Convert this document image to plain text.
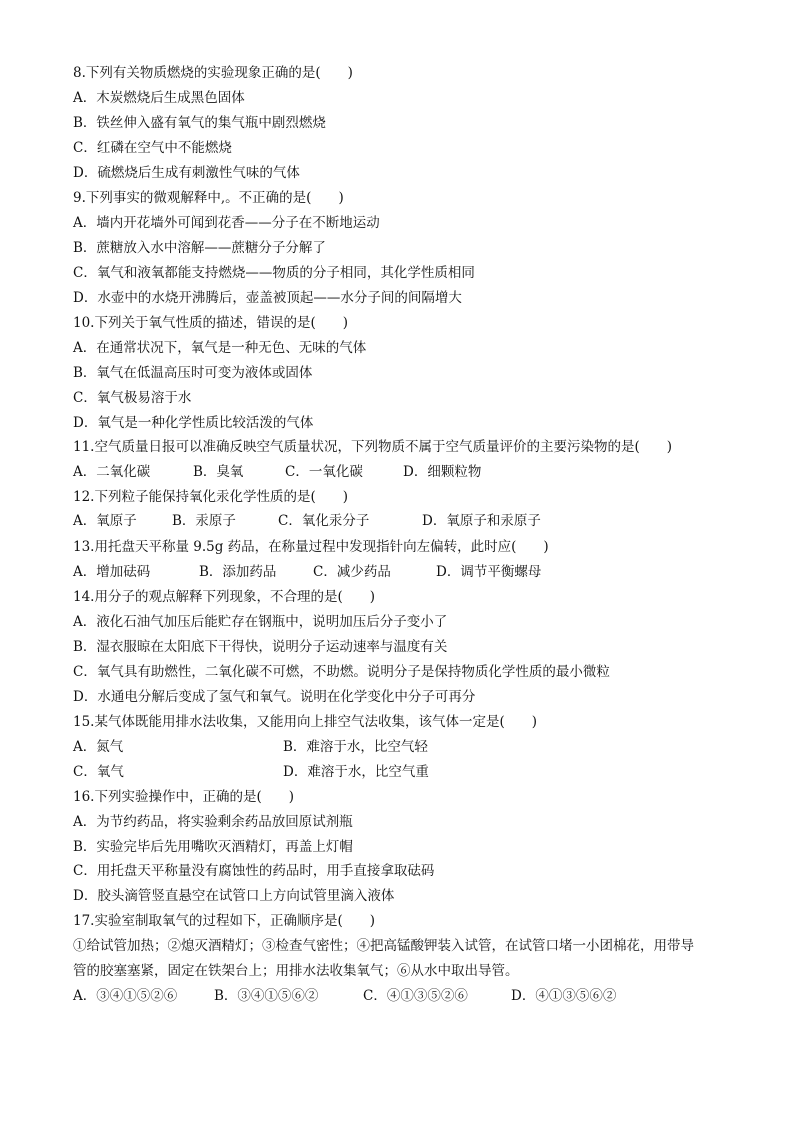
8.下列有关物质燃烧的实验现象正确的是(　　)
A．木炭燃烧后生成黑色固体
B．铁丝伸入盛有氧气的集气瓶中剧烈燃烧
C．红磷在空气中不能燃烧
D．硫燃烧后生成有刺激性气味的气体
9.下列事实的微观解释中,。不正确的是(　　)
A．墙内开花墙外可闻到花香——分子在不断地运动
B．蔗糖放入水中溶解——蔗糖分子分解了
C．氧气和液氧都能支持燃烧——物质的分子相同，其化学性质相同
D．水壶中的水烧开沸腾后，壶盖被顶起——水分子间的间隔增大
10.下列关于氧气性质的描述，错误的是(　　)
A．在通常状况下，氧气是一种无色、无味的气体
B．氧气在低温高压时可变为液体或固体
C．氧气极易溶于水
D．氧气是一种化学性质比较活泼的气体
11.空气质量日报可以准确反映空气质量状况，下列物质不属于空气质量评价的主要污染物的是(　　)
A．二氧化碳	B．臭氧	C．一氧化碳	D．细颗粒物
12.下列粒子能保持氧化汞化学性质的是(　　)
A．氧原子	B．汞原子	C．氧化汞分子	D．氧原子和汞原子
13.用托盘天平称量 9.5g 药品，在称量过程中发现指针向左偏转，此时应(　　)
A．增加砝码	B．添加药品	C．减少药品	D．调节平衡螺母
14.用分子的观点解释下列现象，不合理的是(　　)
A．液化石油气加压后能贮存在钢瓶中，说明加压后分子变小了
B．湿衣服晾在太阳底下干得快，说明分子运动速率与温度有关
C．氧气具有助燃性，二氧化碳不可燃，不助燃。说明分子是保持物质化学性质的最小微粒
D．水通电分解后变成了氢气和氧气。说明在化学变化中分子可再分
15.某气体既能用排水法收集，又能用向上排空气法收集，该气体一定是(　　)
A．氮气	B．难溶于水，比空气轻
C．氧气	D．难溶于水，比空气重
16.下列实验操作中，正确的是(　　)
A．为节约药品，将实验剩余药品放回原试剂瓶
B．实验完毕后先用嘴吹灭酒精灯，再盖上灯帽
C．用托盘天平称量没有腐蚀性的药品时，用手直接拿取砝码
D．胶头滴管竖直悬空在试管口上方向试管里滴入液体
17.实验室制取氧气的过程如下，正确顺序是(　　)
①给试管加热；②熄灭酒精灯；③检查气密性；④把高锰酸钾装入试管，在试管口堵一小团棉花，用带导
管的胶塞塞紧，固定在铁架台上；用排水法收集氧气；⑥从水中取出导管。
A．③④①⑤②⑥	B．③④①⑤⑥②	C．④①③⑤②⑥	D．④①③⑤⑥②
